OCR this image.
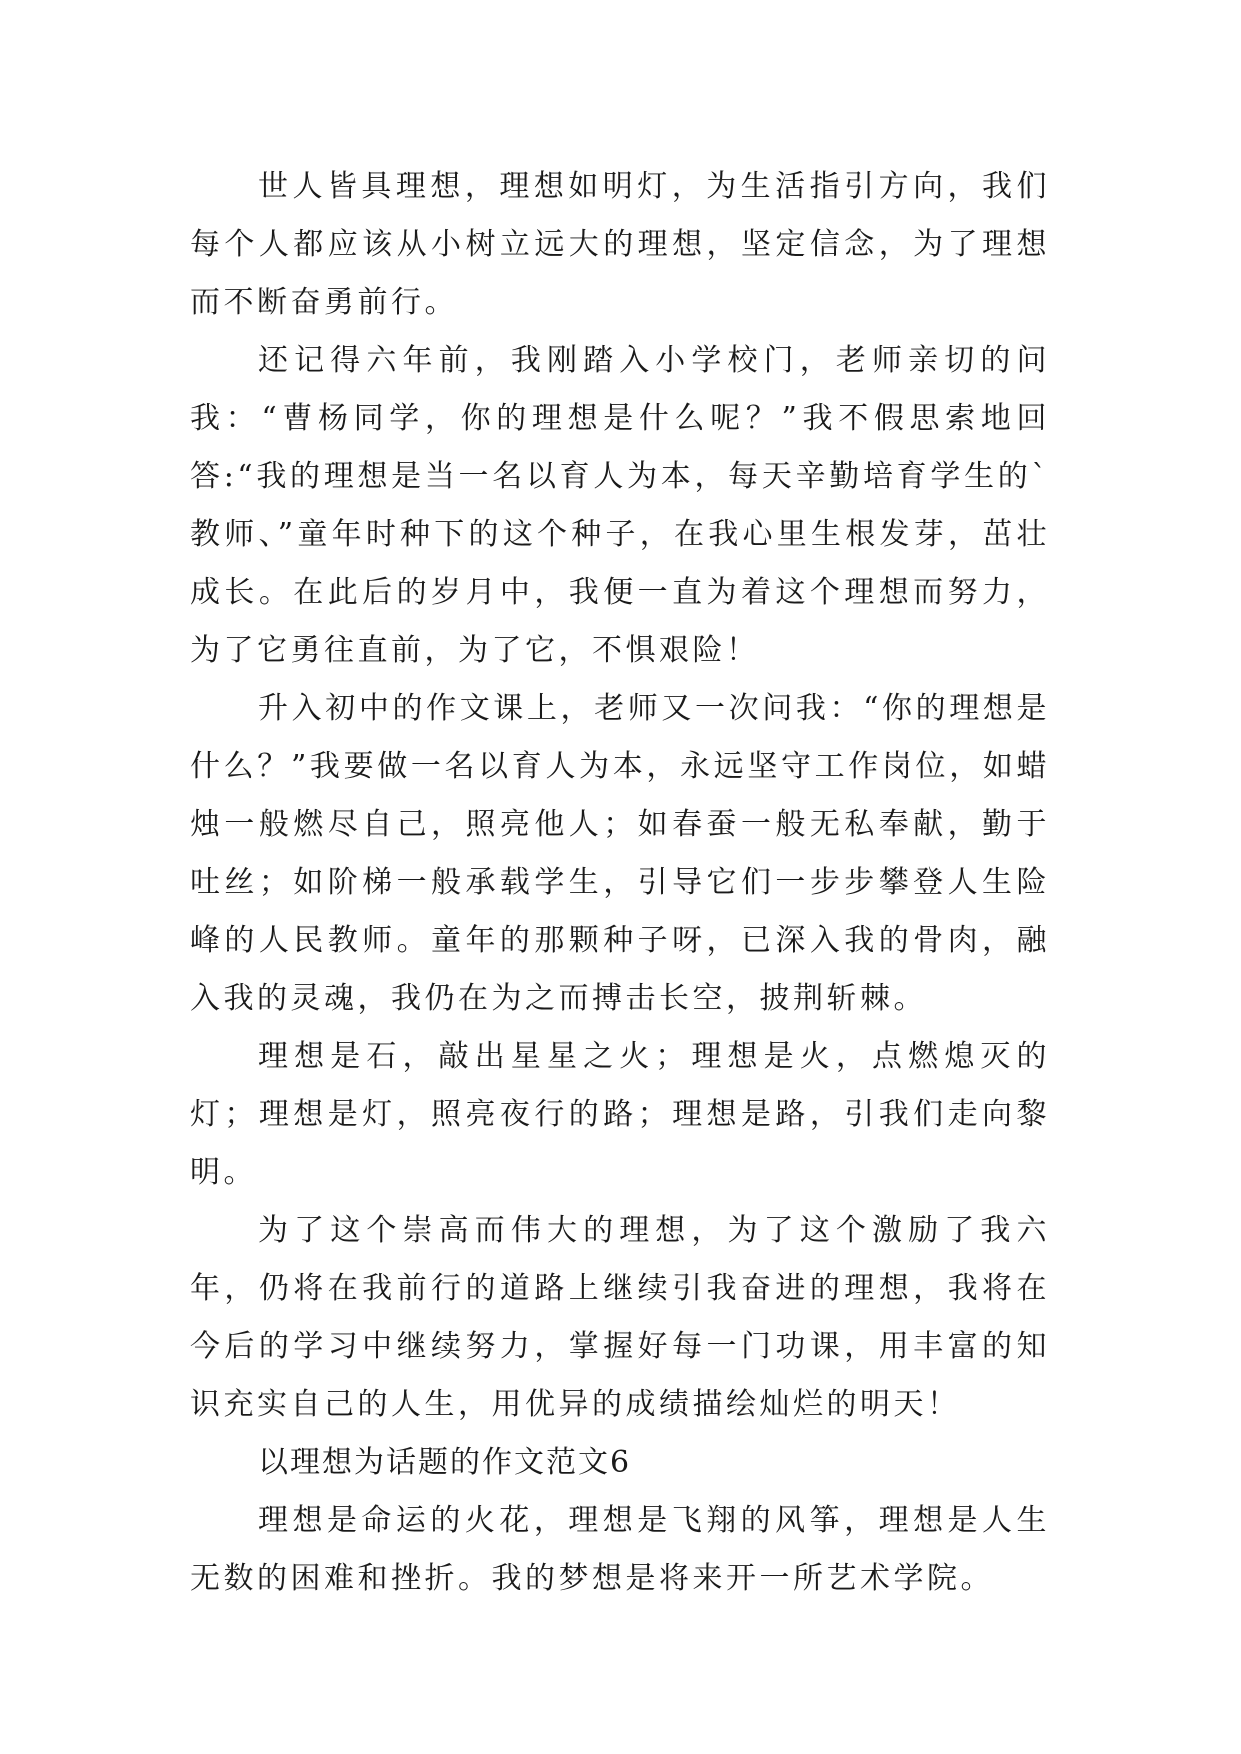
世人皆具理想，理想如明灯，为生活指引方向，我们每个人都应该从小树立远大的理想，坚定信念，为了理想而不断奋勇前行。

还记得六年前，我刚踏入小学校门，老师亲切的问我：“曹杨同学，你的理想是什么呢？”我不假思索地回答:“我的理想是当一名以育人为本，每天辛勤培育学生的`教师、”童年时种下的这个种子，在我心里生根发芽，茁壮成长。在此后的岁月中，我便一直为着这个理想而努力，为了它勇往直前，为了它，不惧艰险！

升入初中的作文课上，老师又一次问我：“你的理想是什么？”我要做一名以育人为本，永远坚守工作岗位，如蜡烛一般燃尽自己，照亮他人；如春蚕一般无私奉献，勤于吐丝；如阶梯一般承载学生，引导它们一步步攀登人生险峰的人民教师。童年的那颗种子呀，已深入我的骨肉，融入我的灵魂，我仍在为之而搏击长空，披荆斩棘。

理想是石，敲出星星之火；理想是火，点燃熄灭的灯；理想是灯，照亮夜行的路；理想是路，引我们走向黎明。

为了这个崇高而伟大的理想，为了这个激励了我六年，仍将在我前行的道路上继续引我奋进的理想，我将在今后的学习中继续努力，掌握好每一门功课，用丰富的知识充实自己的人生，用优异的成绩描绘灿烂的明天！

以理想为话题的作文范文6

理想是命运的火花，理想是飞翔的风筝，理想是人生无数的困难和挫折。我的梦想是将来开一所艺术学院。
